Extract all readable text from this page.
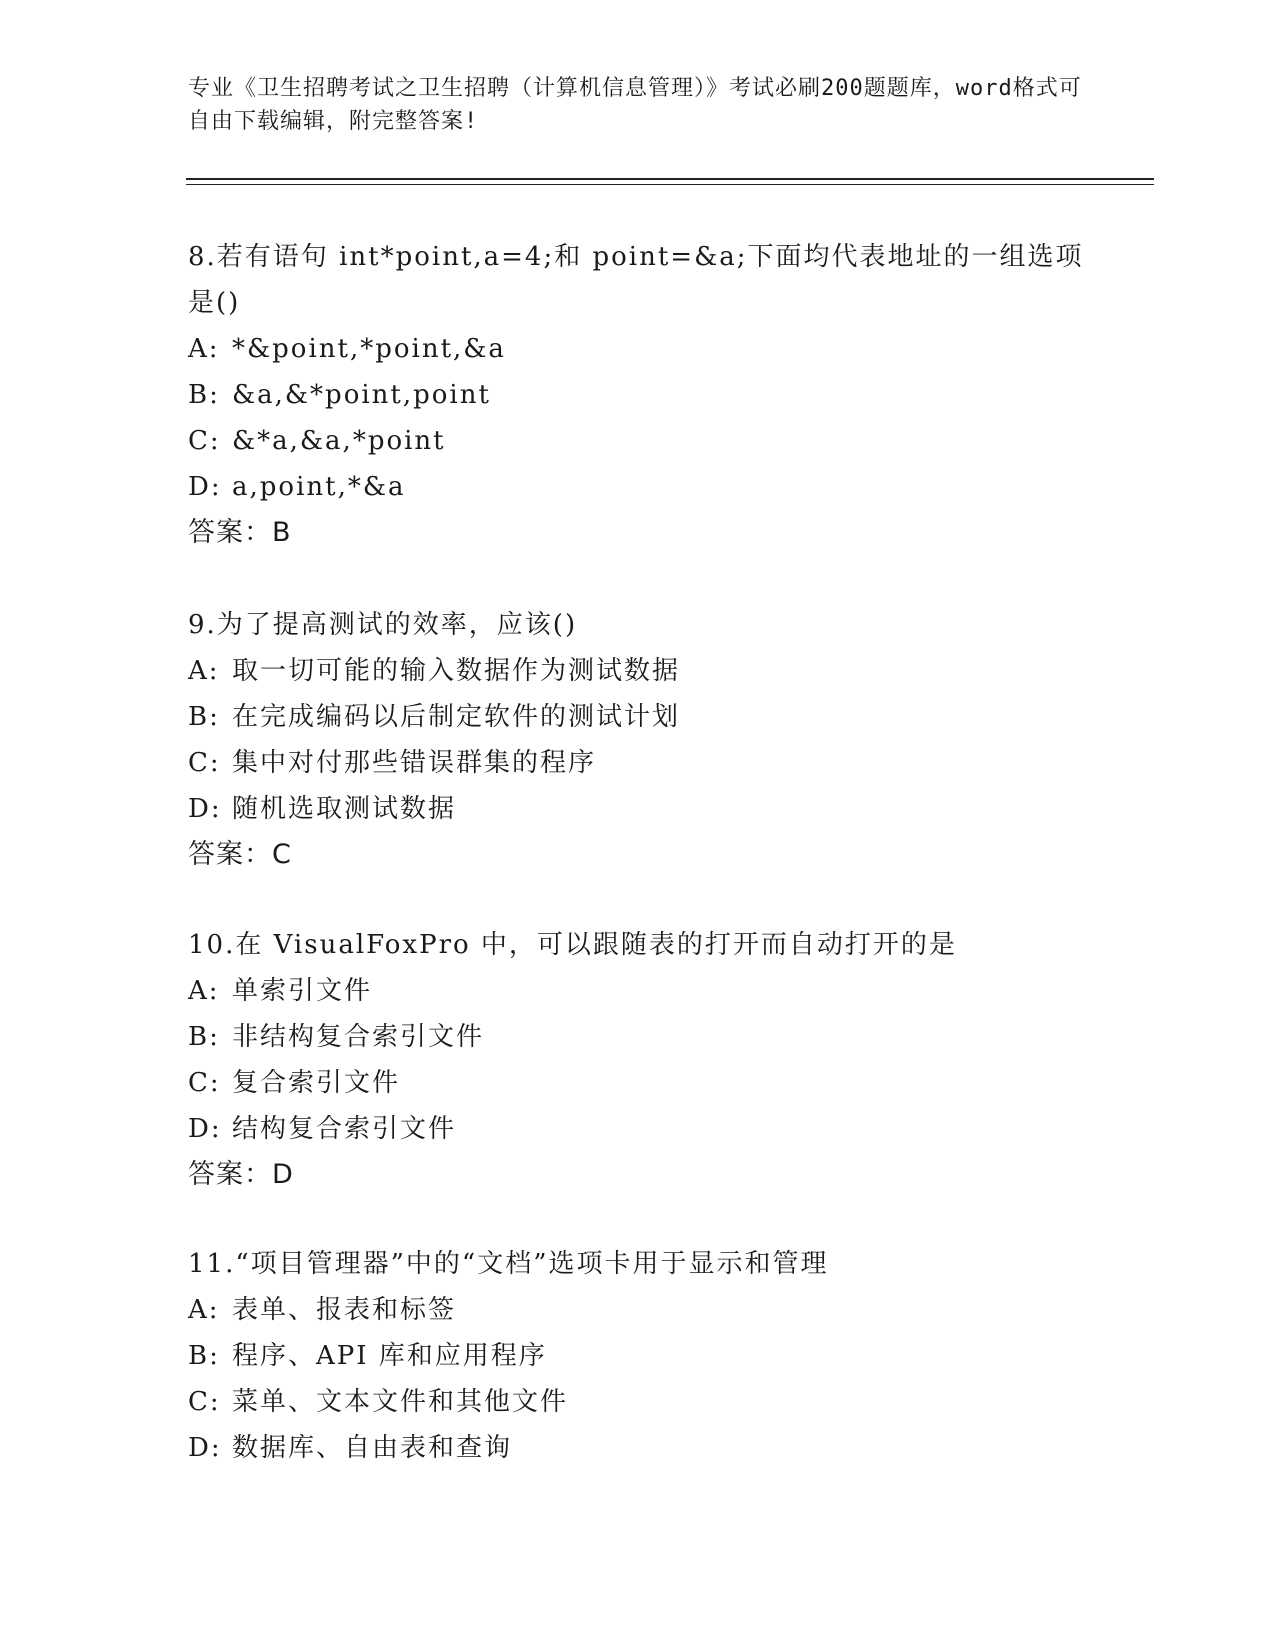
专业《卫生招聘考试之卫生招聘（计算机信息管理）》考试必刷200题题库，word格式可自由下载编辑，附完整答案!

8.若有语句 int*point,a=4;和 point=&a;下面均代表地址的一组选项是()

A: *&point,*point,&a

B: &a,&*point,point

C: &*a,&a,*point

D: a,point,*&a

答案：B

9.为了提高测试的效率，应该()

A: 取一切可能的输入数据作为测试数据

B: 在完成编码以后制定软件的测试计划

C: 集中对付那些错误群集的程序

D: 随机选取测试数据

答案：C

10.在 VisualFoxPro 中，可以跟随表的打开而自动打开的是

A: 单索引文件

B: 非结构复合索引文件

C: 复合索引文件

D: 结构复合索引文件

答案：D

11.“项目管理器”中的“文档”选项卡用于显示和管理

A: 表单、报表和标签

B: 程序、API 库和应用程序

C: 菜单、文本文件和其他文件

D: 数据库、自由表和查询
